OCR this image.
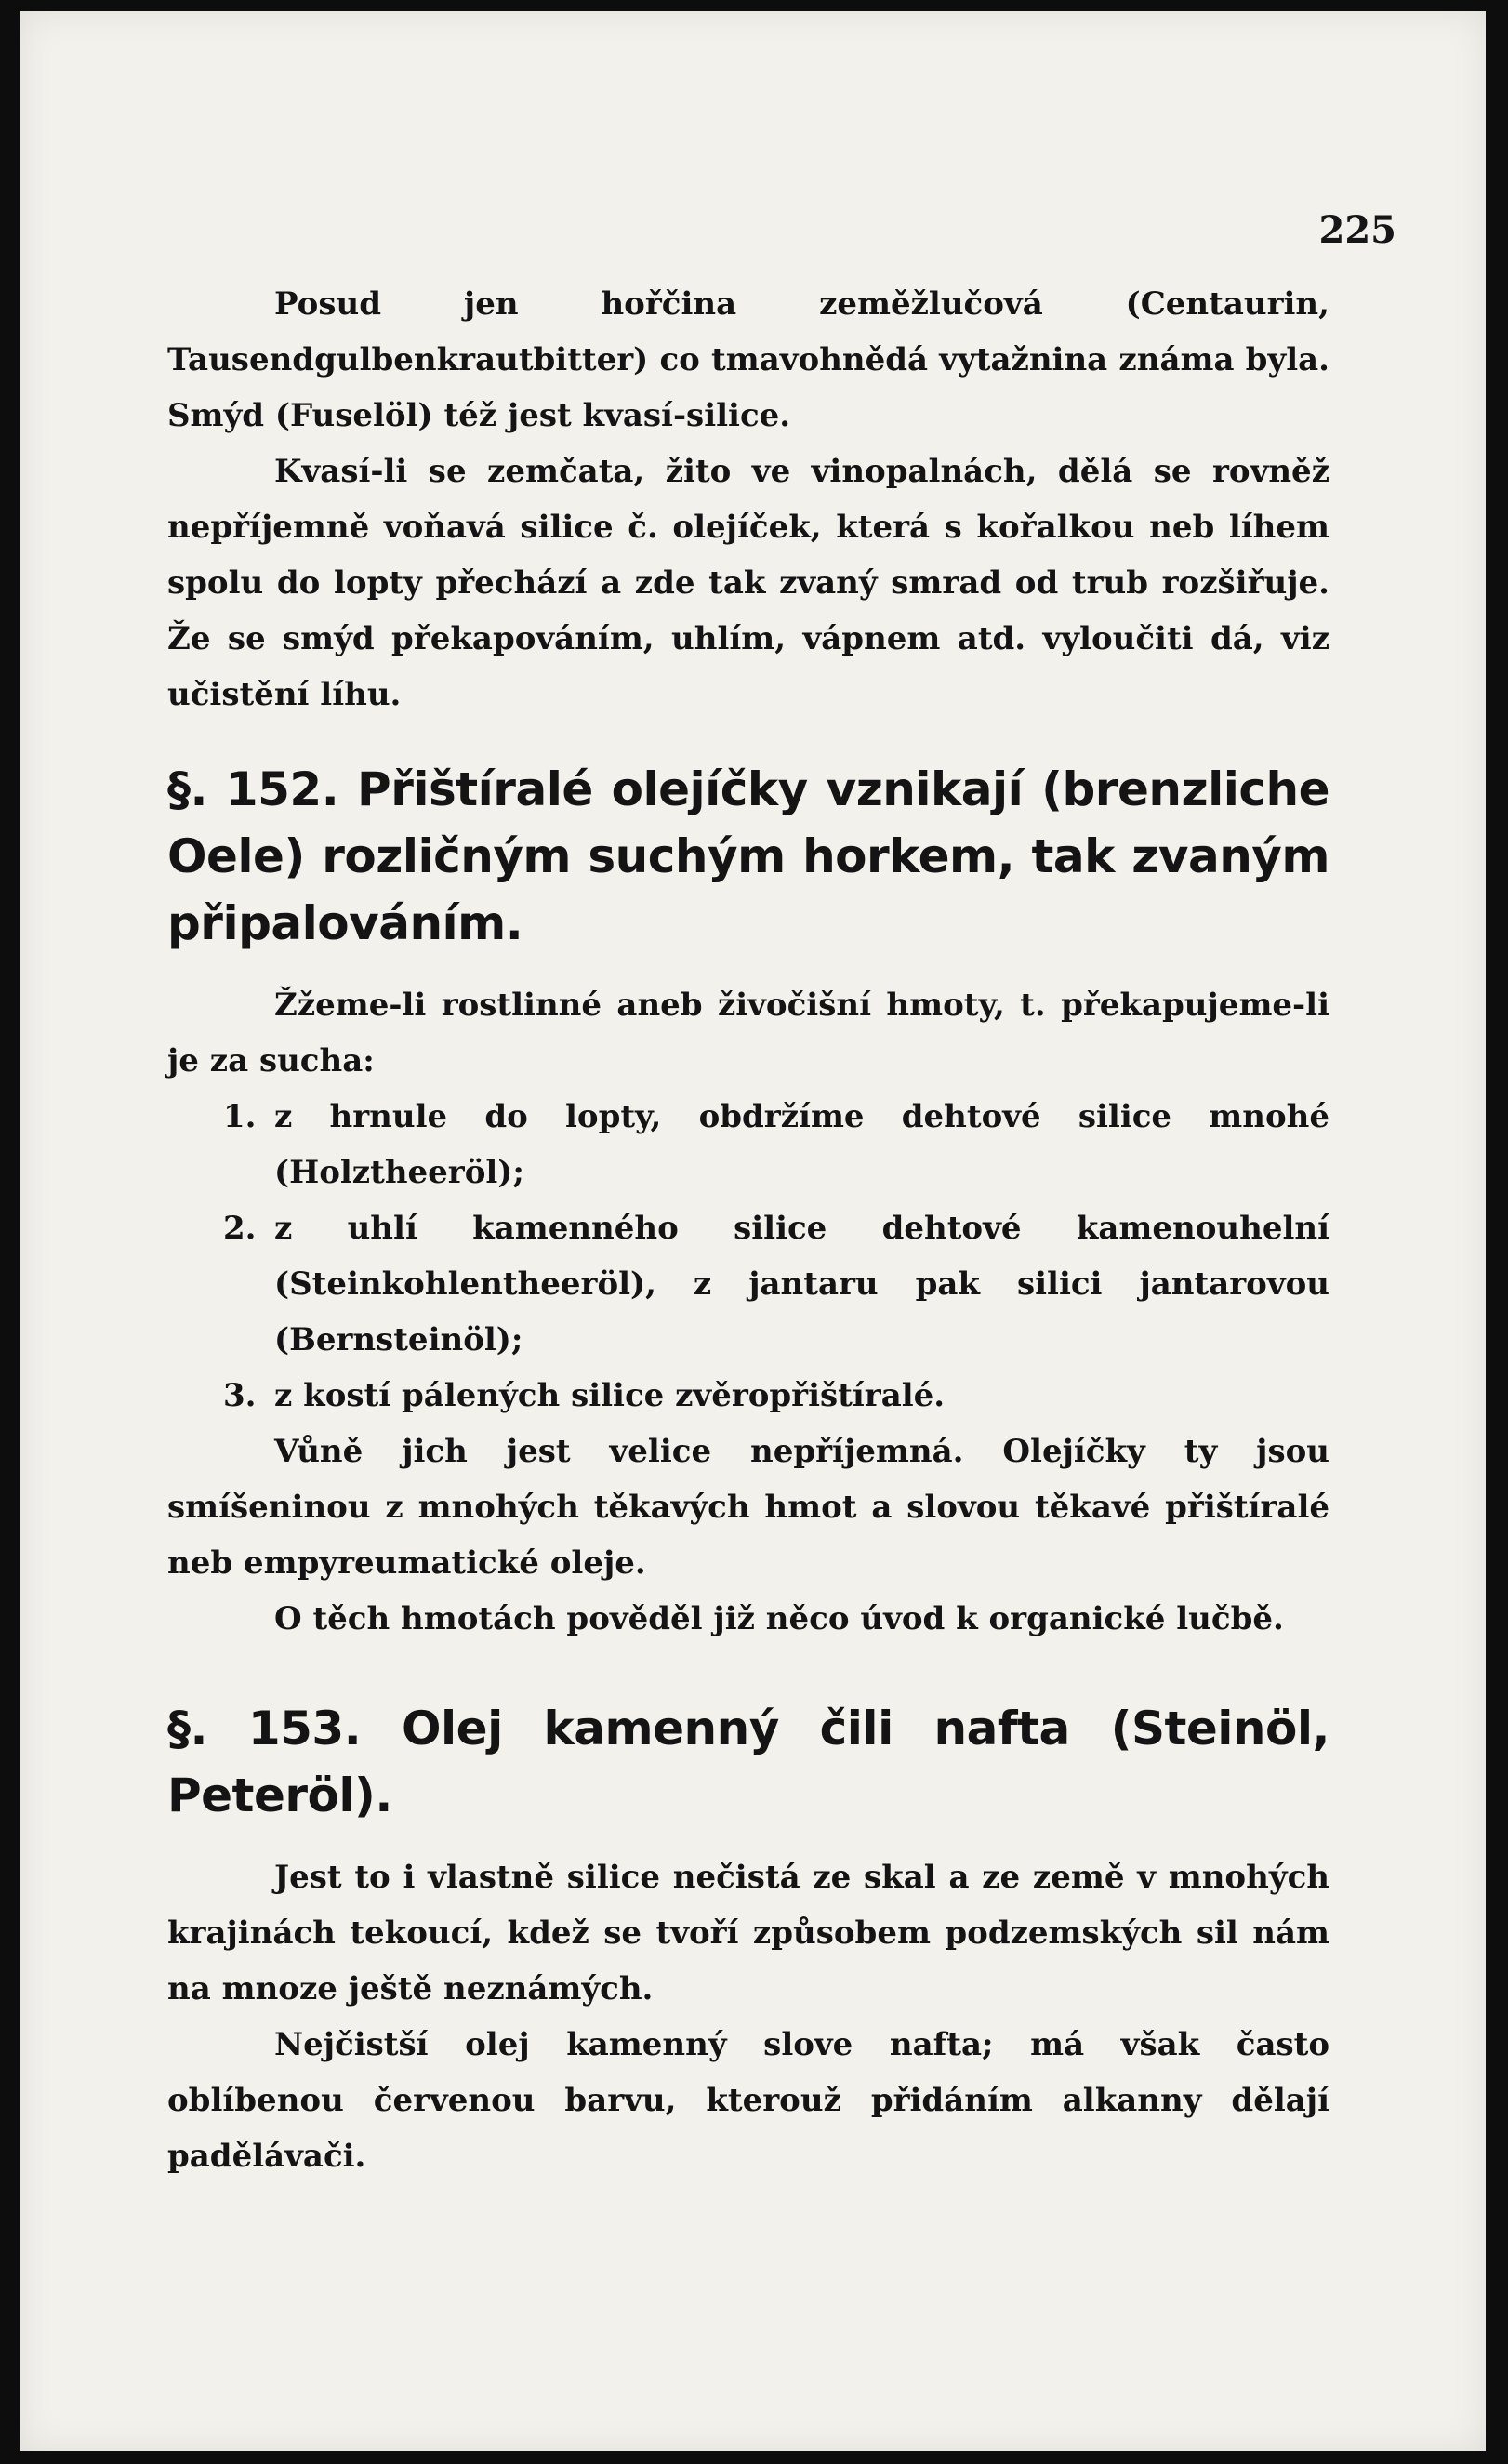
225

Posud jen hořčina zeměžlučová (Centaurin, Tausendgulbenkrautbitter) co tmavohnědá vytažnina známa byla. Smýd (Fuselöl) též jest kvasí-silice.

Kvasí-li se zemčata, žito ve vinopalnách, dělá se rovněž nepříjemně voňavá silice č. olejíček, která s kořalkou neb líhem spolu do lopty přechází a zde tak zvaný smrad od trub rozšiřuje. Že se smýd překapováním, uhlím, vápnem atd. vyloučiti dá, viz učistění líhu.

§. 152. Přištíralé olejíčky vznikají (brenzliche Oele) rozličným suchým horkem, tak zvaným připalováním.

Žžeme-li rostlinné aneb živočišní hmoty, t. překapujeme-li je za sucha:

1 . z hrnule do lopty, obdržíme dehtové silice mnohé (Holztheeröl);
2 . z uhlí kamenného silice dehtové kamenouhelní (Steinkohlentheeröl), z jantaru pak silici jantarovou (Bernsteinöl);
3 . z kostí pálených silice zvěropřištíralé.

Vůně jich jest velice nepříjemná. Olejíčky ty jsou smíšeninou z mnohých těkavých hmot a slovou těkavé přištíralé neb empyreumatické oleje.

O těch hmotách pověděl již něco úvod k organické lučbě.

§. 153. Olej kamenný čili nafta (Steinöl, Peteröl).

Jest to i vlastně silice nečistá ze skal a ze země v mnohých krajinách tekoucí, kdež se tvoří způsobem podzemských sil nám na mnoze ještě neznámých.

Nejčistší olej kamenný slove nafta; má však často oblíbenou červenou barvu, kterouž přidáním alkanny dělají padělávači.
